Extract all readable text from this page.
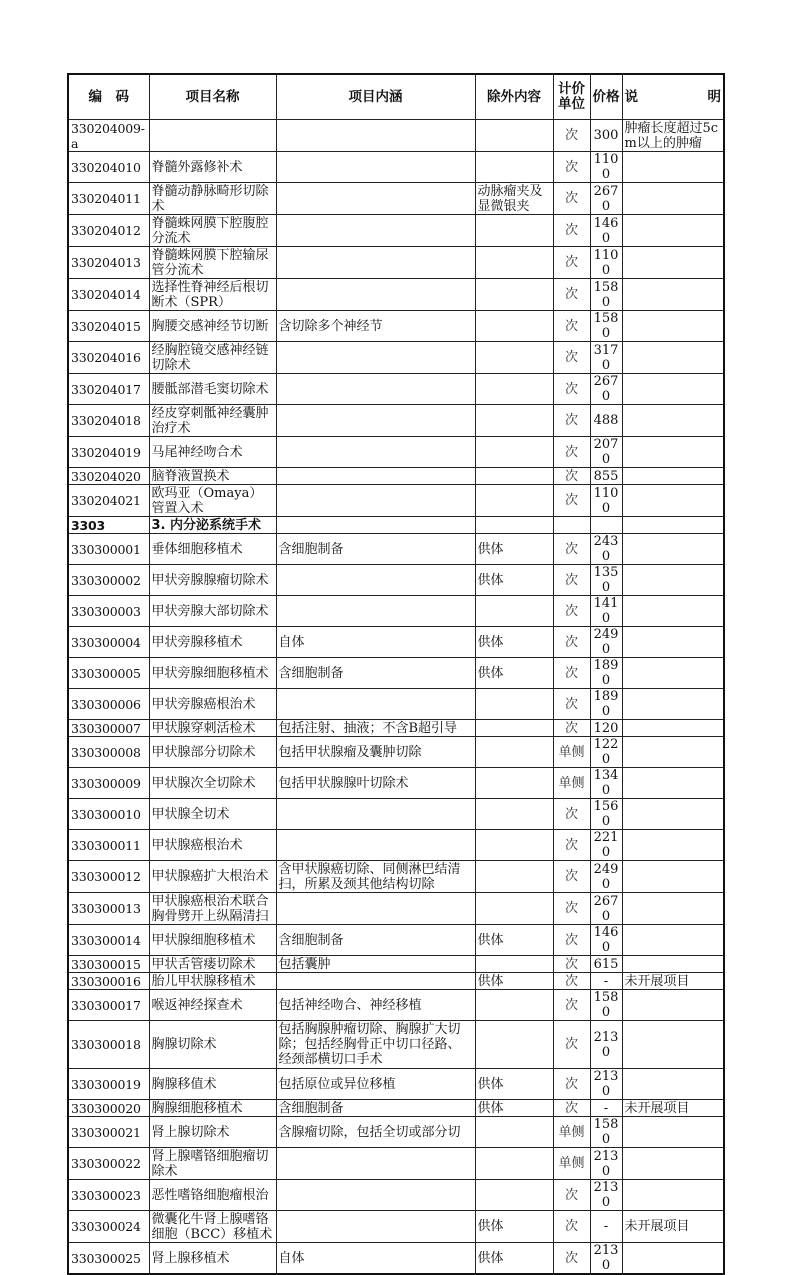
编　码	项目名称	项目内涵	除外内容	计价单位	价格	说 明

330204009-a				次	300	肿瘤长度超过5cm以上的肿瘤
330204010	脊髓外露修补术			次	1100	
330204011	脊髓动静脉畸形切除术		动脉瘤夹及显微银夹	次	2670	
330204012	脊髓蛛网膜下腔腹腔分流术			次	1460	
330204013	脊髓蛛网膜下腔输尿管分流术			次	1100	
330204014	选择性脊神经后根切断术（SPR）			次	1580	
330204015	胸腰交感神经节切断	含切除多个神经节		次	1580	
330204016	经胸腔镜交感神经链切除术			次	3170	
330204017	腰骶部潜毛窦切除术			次	2670	
330204018	经皮穿刺骶神经囊肿治疗术			次	488	
330204019	马尾神经吻合术			次	2070	
330204020	脑脊液置换术			次	855	
330204021	欧玛亚（Omaya）管置入术			次	1100	
3303	3. 内分泌系统手术					
330300001	垂体细胞移植术	含细胞制备	供体	次	2430	
330300002	甲状旁腺腺瘤切除术		供体	次	1350	
330300003	甲状旁腺大部切除术			次	1410	
330300004	甲状旁腺移植术	自体	供体	次	2490	
330300005	甲状旁腺细胞移植术	含细胞制备	供体	次	1890	
330300006	甲状旁腺癌根治术			次	1890	
330300007	甲状腺穿刺活检术	包括注射、抽液；不含B超引导		次	120	
330300008	甲状腺部分切除术	包括甲状腺瘤及囊肿切除		单侧	1220	
330300009	甲状腺次全切除术	包括甲状腺腺叶切除术		单侧	1340	
330300010	甲状腺全切术			次	1560	
330300011	甲状腺癌根治术			次	2210	
330300012	甲状腺癌扩大根治术	含甲状腺癌切除、同侧淋巴结清扫，所累及颈其他结构切除		次	2490	
330300013	甲状腺癌根治术联合胸骨劈开上纵隔清扫			次	2670	
330300014	甲状腺细胞移植术	含细胞制备	供体	次	1460	
330300015	甲状舌管瘘切除术	包括囊肿		次	615	
330300016	胎儿甲状腺移植术		供体	次	-	未开展项目
330300017	喉返神经探查术	包括神经吻合、神经移植		次	1580	
330300018	胸腺切除术	包括胸腺肿瘤切除、胸腺扩大切除；包括经胸骨正中切口径路、经颈部横切口手术		次	2130	
330300019	胸腺移值术	包括原位或异位移植	供体	次	2130	
330300020	胸腺细胞移植术	含细胞制备	供体	次	-	未开展项目
330300021	肾上腺切除术	含腺瘤切除，包括全切或部分切		单侧	1580	
330300022	肾上腺嗜铬细胞瘤切除术			单侧	2130	
330300023	恶性嗜铬细胞瘤根治			次	2130	
330300024	微囊化牛肾上腺嗜铬细胞（BCC）移植术		供体	次	-	未开展项目
330300025	肾上腺移植术	自体	供体	次	2130	
